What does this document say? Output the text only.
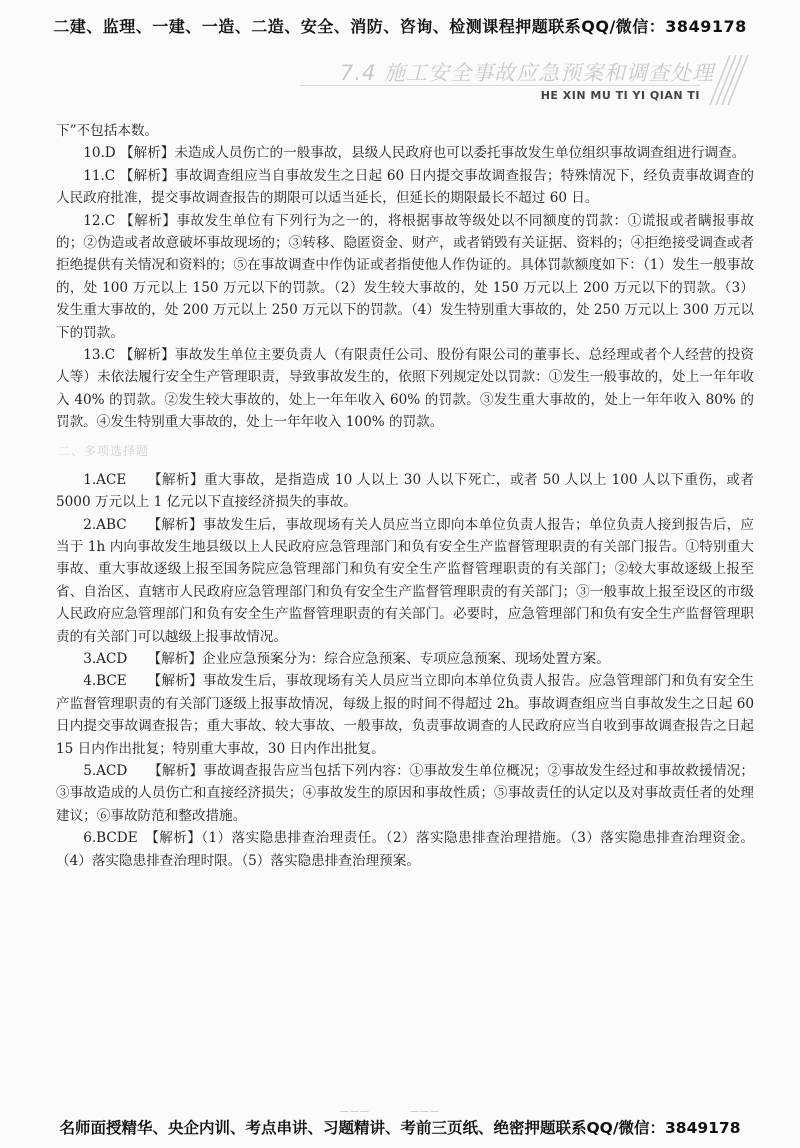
二建、监理、一建、一造、二造、安全、消防、咨询、检测课程押题联系QQ/微信：3849178
7.4 施工安全事故应急预案和调查处理
HE XIN MU TI YI QIAN TI

下”不包括本数。

10.D 【解析】未造成人员伤亡的一般事故，县级人民政府也可以委托事故发生单位组织事故调查组进行调查。

11.C 【解析】事故调查组应当自事故发生之日起 60 日内提交事故调查报告；特殊情况下，经负责事故调查的人民政府批准，提交事故调查报告的期限可以适当延长，但延长的期限最长不超过 60 日。

12.C 【解析】事故发生单位有下列行为之一的，将根据事故等级处以不同额度的罚款：①谎报或者瞒报事故的；②伪造或者故意破坏事故现场的；③转移、隐匿资金、财产，或者销毁有关证据、资料的；④拒绝接受调查或者拒绝提供有关情况和资料的；⑤在事故调查中作伪证或者指使他人作伪证的。具体罚款额度如下：（1）发生一般事故的，处 100 万元以上 150 万元以下的罚款。（2）发生较大事故的，处 150 万元以上 200 万元以下的罚款。（3）发生重大事故的，处 200 万元以上 250 万元以下的罚款。（4）发生特别重大事故的，处 250 万元以上 300 万元以下的罚款。

13.C 【解析】事故发生单位主要负责人（有限责任公司、股份有限公司的董事长、总经理或者个人经营的投资人等）未依法履行安全生产管理职责，导致事故发生的，依照下列规定处以罚款：①发生一般事故的，处上一年年收入 40% 的罚款。②发生较大事故的，处上一年年收入 60% 的罚款。③发生重大事故的，处上一年年收入 80% 的罚款。④发生特别重大事故的，处上一年年收入 100% 的罚款。

二、多项选择题

1.ACE　　【解析】重大事故，是指造成 10 人以上 30 人以下死亡，或者 50 人以上 100 人以下重伤，或者 5000 万元以上 1 亿元以下直接经济损失的事故。

2.ABC　　【解析】事故发生后，事故现场有关人员应当立即向本单位负责人报告；单位负责人接到报告后，应当于 1h 内向事故发生地县级以上人民政府应急管理部门和负有安全生产监督管理职责的有关部门报告。①特别重大事故、重大事故逐级上报至国务院应急管理部门和负有安全生产监督管理职责的有关部门；②较大事故逐级上报至省、自治区、直辖市人民政府应急管理部门和负有安全生产监督管理职责的有关部门；③一般事故上报至设区的市级人民政府应急管理部门和负有安全生产监督管理职责的有关部门。必要时，应急管理部门和负有安全生产监督管理职责的有关部门可以越级上报事故情况。

3.ACD　　【解析】企业应急预案分为：综合应急预案、专项应急预案、现场处置方案。

4.BCE　　【解析】事故发生后，事故现场有关人员应当立即向本单位负责人报告。应急管理部门和负有安全生产监督管理职责的有关部门逐级上报事故情况，每级上报的时间不得超过 2h。事故调查组应当自事故发生之日起 60 日内提交事故调查报告；重大事故、较大事故、一般事故，负责事故调查的人民政府应当自收到事故调查报告之日起 15 日内作出批复；特别重大事故，30 日内作出批复。

5.ACD　　【解析】事故调查报告应当包括下列内容：①事故发生单位概况；②事故发生经过和事故救援情况；③事故造成的人员伤亡和直接经济损失；④事故发生的原因和事故性质；⑤事故责任的认定以及对事故责任者的处理建议；⑥事故防范和整改措施。

6.BCDE　【解析】（1）落实隐患排查治理责任。（2）落实隐患排查治理措施。（3）落实隐患排查治理资金。（4）落实隐患排查治理时限。（5）落实隐患排查治理预案。

———　　　　———
名师面授精华、央企内训、考点串讲、习题精讲、考前三页纸、绝密押题联系QQ/微信：3849178
